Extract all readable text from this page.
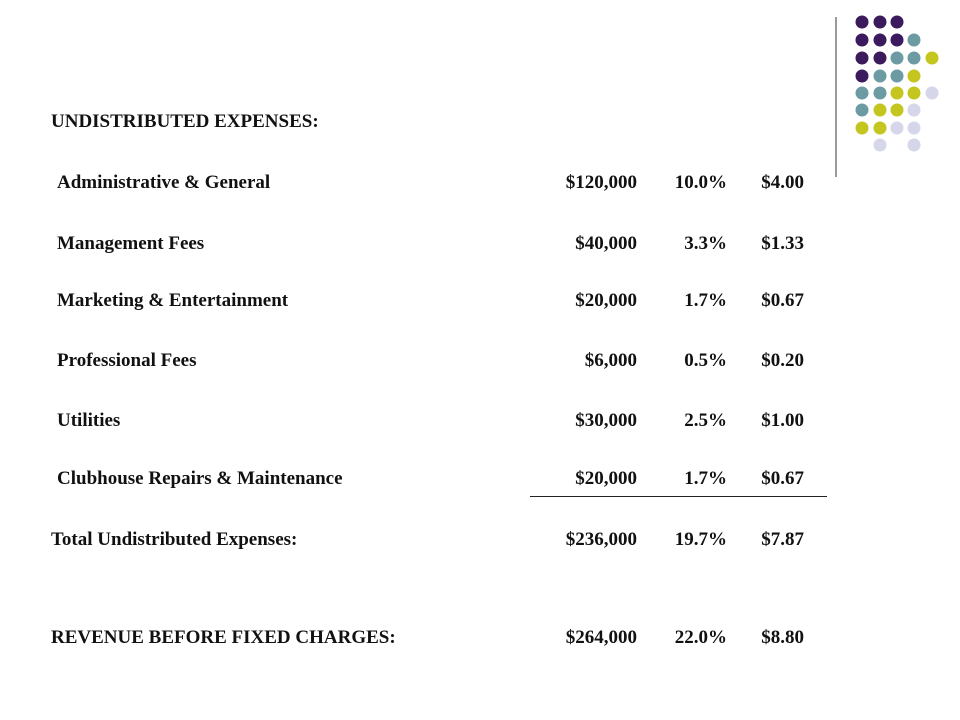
UNDISTRIBUTED EXPENSES:
Administrative & General	$120,000	10.0%	$4.00
Management Fees	$40,000	3.3%	$1.33
Marketing & Entertainment	$20,000	1.7%	$0.67
Professional Fees	$6,000	0.5%	$0.20
Utilities	$30,000	2.5%	$1.00
Clubhouse Repairs & Maintenance	$20,000	1.7%	$0.67
Total Undistributed Expenses:	$236,000	19.7%	$7.87
REVENUE BEFORE FIXED CHARGES:	$264,000	22.0%	$8.80
